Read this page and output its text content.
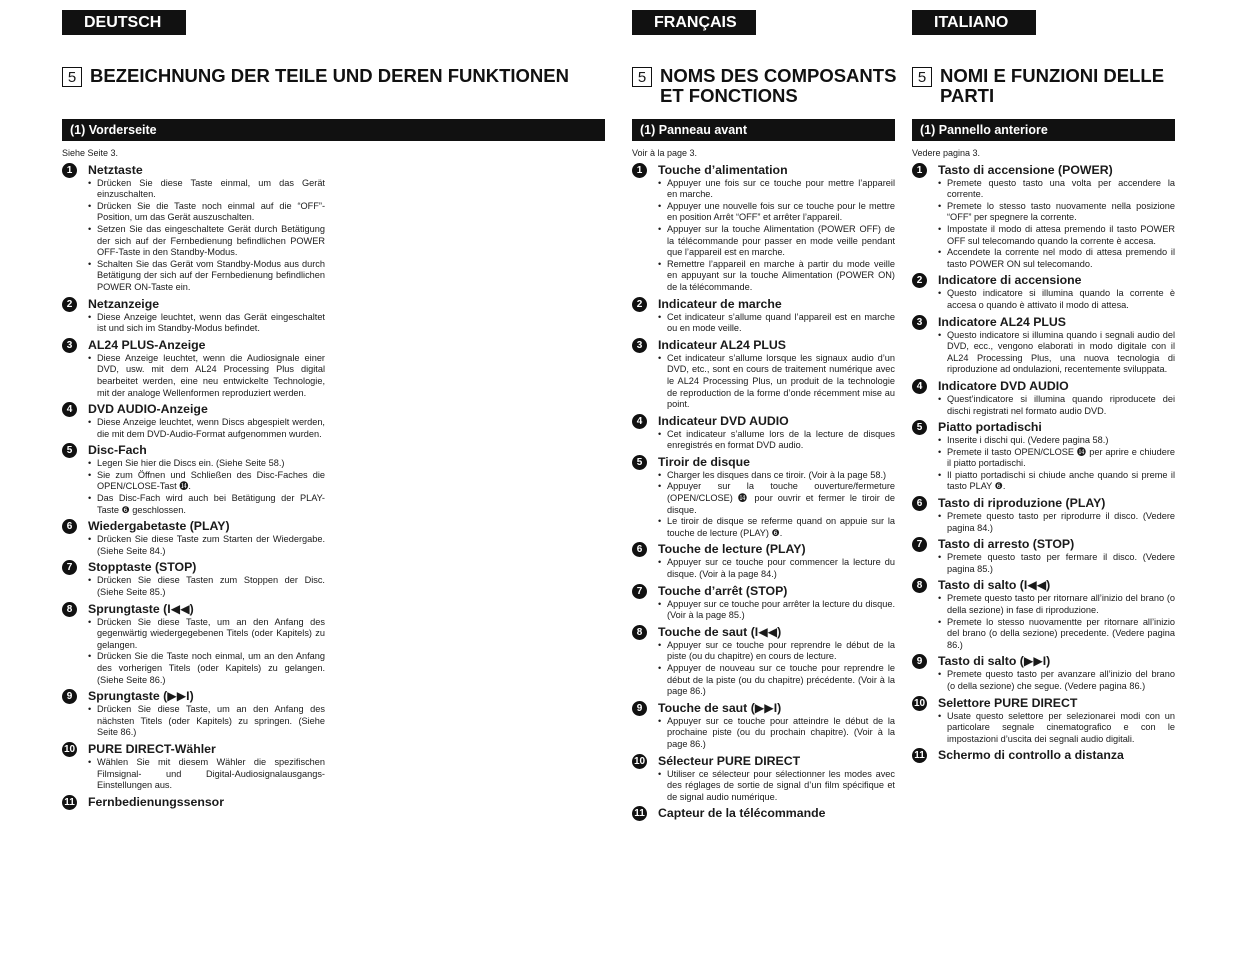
DEUTSCH
5 BEZEICHNUNG DER TEILE UND DEREN FUNKTIONEN
(1) Vorderseite
Siehe Seite 3.
1	Netztaste
• Drücken Sie diese Taste einmal, um das Gerät einzuschalten.
• Drücken Sie die Taste noch einmal auf die “OFF”-Position, um das Gerät auszuschalten.
• Setzen Sie das eingeschaltete Gerät durch Betätigung der sich auf der Fernbedienung befindlichen POWER OFF-Taste in den Standby-Modus.
• Schalten Sie das Gerät vom Standby-Modus aus durch Betätigung der sich auf der Fernbedienung befindlichen POWER ON-Taste ein.
2	Netzanzeige
• Diese Anzeige leuchtet, wenn das Gerät eingeschaltet ist und sich im Standby-Modus befindet.
3	AL24 PLUS-Anzeige
• Diese Anzeige leuchtet, wenn die Audiosignale einer DVD, usw. mit dem AL24 Processing Plus digital bearbeitet werden, eine neu entwickelte Technologie, mit der analoge Wellenformen reproduziert werden.
4	DVD AUDIO-Anzeige
• Diese Anzeige leuchtet, wenn Discs abgespielt werden, die mit dem DVD-Audio-Format aufgenommen wurden.
5	Disc-Fach
• Legen Sie hier die Discs ein. (Siehe Seite 58.)
• Sie zum Öffnen und Schließen des Disc-Faches die OPEN/CLOSE-Tast ⓮.
• Das Disc-Fach wird auch bei Betätigung der PLAY-Taste ❻ geschlossen.
6	Wiedergabetaste (PLAY)
• Drücken Sie diese Taste zum Starten der Wiedergabe. (Siehe Seite 84.)
7	Stopptaste (STOP)
• Drücken Sie diese Tasten zum Stoppen der Disc. (Siehe Seite 85.)
8	Sprungtaste (I◀◀)
• Drücken Sie diese Taste, um an den Anfang des gegenwärtig wiedergegebenen Titels (oder Kapitels) zu gelangen.
• Drücken Sie die Taste noch einmal, um an den Anfang des vorherigen Titels (oder Kapitels) zu gelangen. (Siehe Seite 86.)
9	Sprungtaste (▶▶I)
• Drücken Sie diese Taste, um an den Anfang des nächsten Titels (oder Kapitels) zu springen. (Siehe Seite 86.)
10 PURE DIRECT-Wähler
• Wählen Sie mit diesem Wähler die spezifischen Filmsignal- und Digital-Audiosignalausgangs-Einstellungen aus.
11 Fernbedienungssensor
FRANÇAIS
5 NOMS DES COMPOSANTS ET FONCTIONS
(1) Panneau avant
Voir à la page 3.
1	Touche d’alimentation
• Appuyer une fois sur ce touche pour mettre l’appareil en marche.
• Appuyer une nouvelle fois sur ce touche pour le mettre en position Arrêt “OFF” et arrêter l’appareil.
• Appuyer sur la touche Alimentation (POWER OFF) de la télécommande pour passer en mode veille pendant que l’appareil est en marche.
• Remettre l’appareil en marche à partir du mode veille en appuyant sur la touche Alimentation (POWER ON) de la télécommande.
2	Indicateur de marche
• Cet indicateur s’allume quand l’appareil est en marche ou en mode veille.
3	Indicateur AL24 PLUS
• Cet indicateur s’allume lorsque les signaux audio d’un DVD, etc., sont en cours de traitement numérique avec le AL24 Processing Plus, un produit de la technologie de reproduction de la forme d’onde récemment mise au point.
4	Indicateur DVD AUDIO
• Cet indicateur s’allume lors de la lecture de disques enregistrés en format DVD audio.
5	Tiroir de disque
• Charger les disques dans ce tiroir. (Voir à la page 58.)
• Appuyer sur la touche ouverture/fermeture (OPEN/CLOSE) ⓮ pour ouvrir et fermer le tiroir de disque.
• Le tiroir de disque se referme quand on appuie sur la touche de lecture (PLAY) ❻.
6	Touche de lecture (PLAY)
• Appuyer sur ce touche pour commencer la lecture du disque. (Voir à la page 84.)
7	Touche d’arrêt (STOP)
• Appuyer sur ce touche pour arrêter la lecture du disque. (Voir à la page 85.)
8	Touche de saut (I◀◀)
• Appuyer sur ce touche pour reprendre le début de la piste (ou du chapitre) en cours de lecture.
• Appuyer de nouveau sur ce touche pour reprendre le début de la piste (ou du chapitre) précédente. (Voir à la page 86.)
9	Touche de saut (▶▶I)
• Appuyer sur ce touche pour atteindre le début de la prochaine piste (ou du prochain chapitre). (Voir à la page 86.)
10 Sélecteur PURE DIRECT
• Utiliser ce sélecteur pour sélectionner les modes avec des réglages de sortie de signal d’un film spécifique et de signal audio numérique.
11 Capteur de la télécommande
ITALIANO
5 NOMI E FUNZIONI DELLE PARTI
(1) Pannello anteriore
Vedere pagina 3.
1	Tasto di accensione (POWER)
• Premete questo tasto una volta per accendere la corrente.
• Premete lo stesso tasto nuovamente nella posizione “OFF” per spegnere la corrente.
• Impostate il modo di attesa premendo il tasto POWER OFF sul telecomando quando la corrente è accesa.
• Accendete la corrente nel modo di attesa premendo il tasto POWER ON sul telecomando.
2	Indicatore di accensione
• Questo indicatore si illumina quando la corrente è accesa o quando è attivato il modo di attesa.
3	Indicatore AL24 PLUS
• Questo indicatore si illumina quando i segnali audio del DVD, ecc., vengono elaborati in modo digitale con il AL24 Processing Plus, una nuova tecnologia di riproduzione ad ondulazioni, recentemente sviluppata.
4	Indicatore DVD AUDIO
• Quest’indicatore si illumina quando riproducete dei dischi registrati nel formato audio DVD.
5	Piatto portadischi
• Inserite i dischi qui. (Vedere pagina 58.)
• Premete il tasto OPEN/CLOSE ⓮ per aprire e chiudere il piatto portadischi.
• Il piatto portadischi si chiude anche quando si preme il tasto PLAY ❻.
6	Tasto di riproduzione (PLAY)
• Premete questo tasto per riprodurre il disco. (Vedere pagina 84.)
7	Tasto di arresto (STOP)
• Premete questo tasto per fermare il disco. (Vedere pagina 85.)
8	Tasto di salto (I◀◀)
• Premete questo tasto per ritornare all’inizio del brano (o della sezione) in fase di riproduzione.
• Premete lo stesso nuovamentte per ritornare all’inizio del brano (o della sezione) precedente. (Vedere pagina 86.)
9	Tasto di salto (▶▶I)
• Premete questo tasto per avanzare all’inizio del brano (o della sezione) che segue. (Vedere pagina 86.)
10 Selettore PURE DIRECT
• Usate questo selettore per selezionarei modi con un particolare segnale cinematografico e con le impostazioni d’uscita dei segnali audio digitali.
11 Schermo di controllo a distanza
